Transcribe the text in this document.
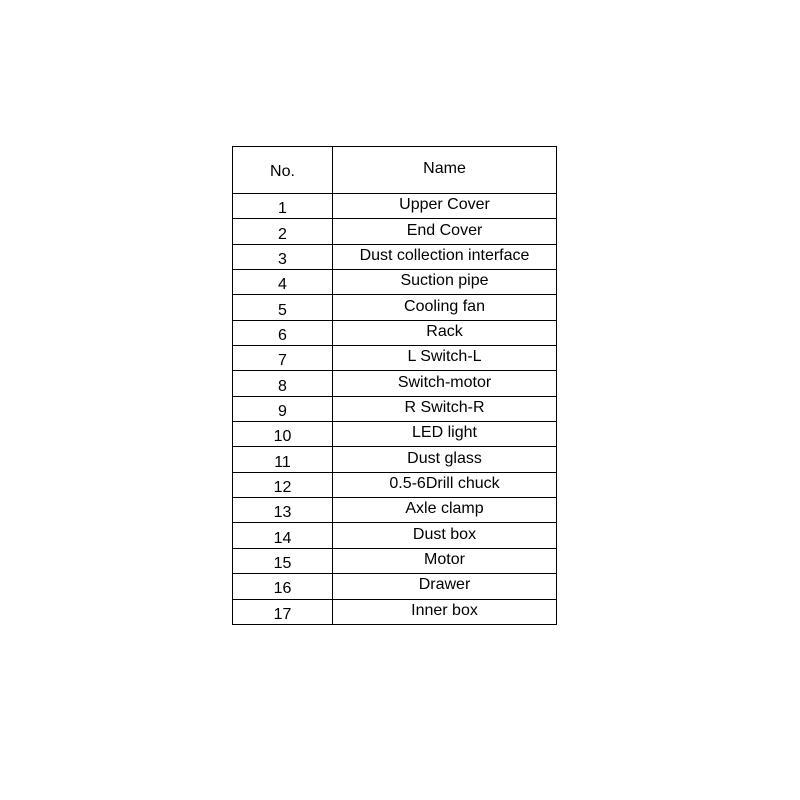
No.	Name
1	Upper Cover
2	End Cover
3	Dust collection interface
4	Suction pipe
5	Cooling fan
6	Rack
7	L Switch-L
8	Switch-motor
9	R Switch-R
10	LED light
11	Dust glass
12	0.5-6Drill chuck
13	Axle clamp
14	Dust box
15	Motor
16	Drawer
17	Inner box
